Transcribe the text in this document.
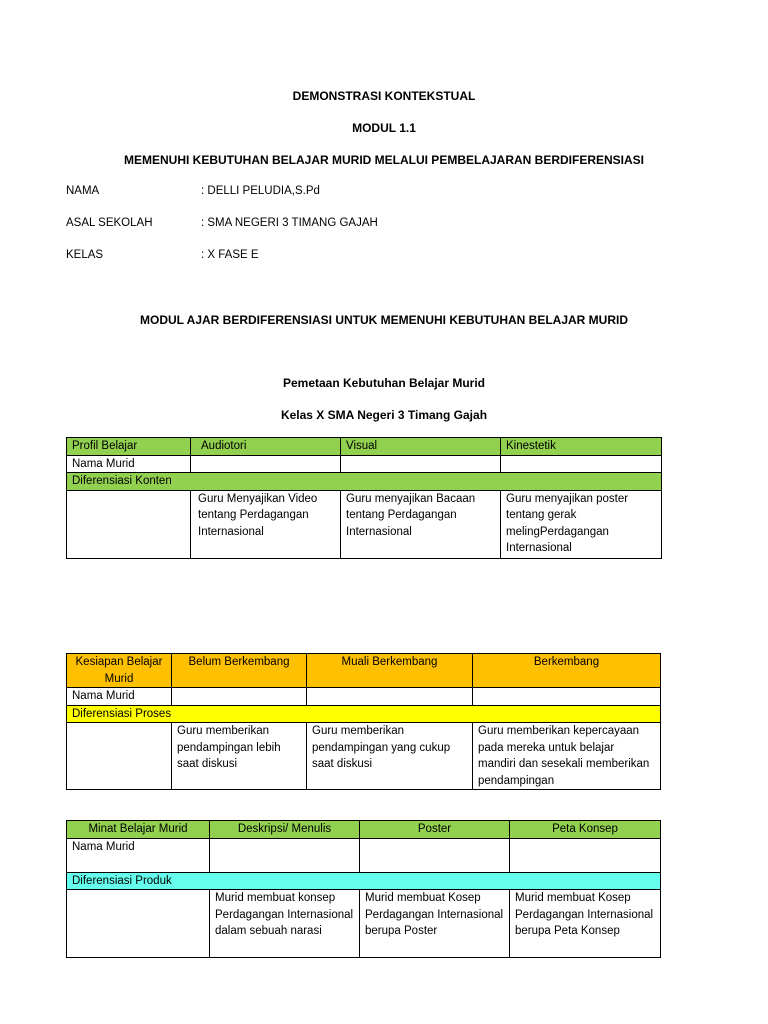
DEMONSTRASI KONTEKSTUAL
MODUL 1.1
MEMENUHI KEBUTUHAN BELAJAR MURID MELALUI PEMBELAJARAN BERDIFERENSIASI
NAMA	: DELLI PELUDIA,S.Pd
ASAL SEKOLAH	: SMA NEGERI 3 TIMANG GAJAH
KELAS	: X FASE E
MODUL AJAR BERDIFERENSIASI UNTUK MEMENUHI KEBUTUHAN BELAJAR MURID
Pemetaan Kebutuhan Belajar Murid
Kelas X SMA Negeri 3 Timang Gajah
Profil Belajar	Audiotori	Visual	Kinestetik
Nama Murid			
Diferensiasi Konten			
	Guru Menyajikan Video tentang Perdagangan Internasional	Guru menyajikan Bacaan tentang Perdagangan Internasional	Guru menyajikan poster tentang gerak melingPerdagangan Internasional
Kesiapan Belajar Murid	Belum Berkembang	Muali Berkembang	Berkembang
Nama Murid			
Diferensiasi Proses			
	Guru memberikan pendampingan lebih saat diskusi	Guru memberikan pendampingan yang cukup saat diskusi	Guru memberikan kepercayaan pada mereka untuk belajar mandiri dan sesekali memberikan pendampingan
Minat Belajar Murid	Deskripsi/ Menulis	Poster	Peta Konsep
Nama Murid			
Diferensiasi Produk			
	Murid membuat konsep Perdagangan Internasional dalam sebuah narasi	Murid membuat Kosep Perdagangan Internasional berupa Poster	Murid membuat Kosep Perdagangan Internasional berupa Peta Konsep
